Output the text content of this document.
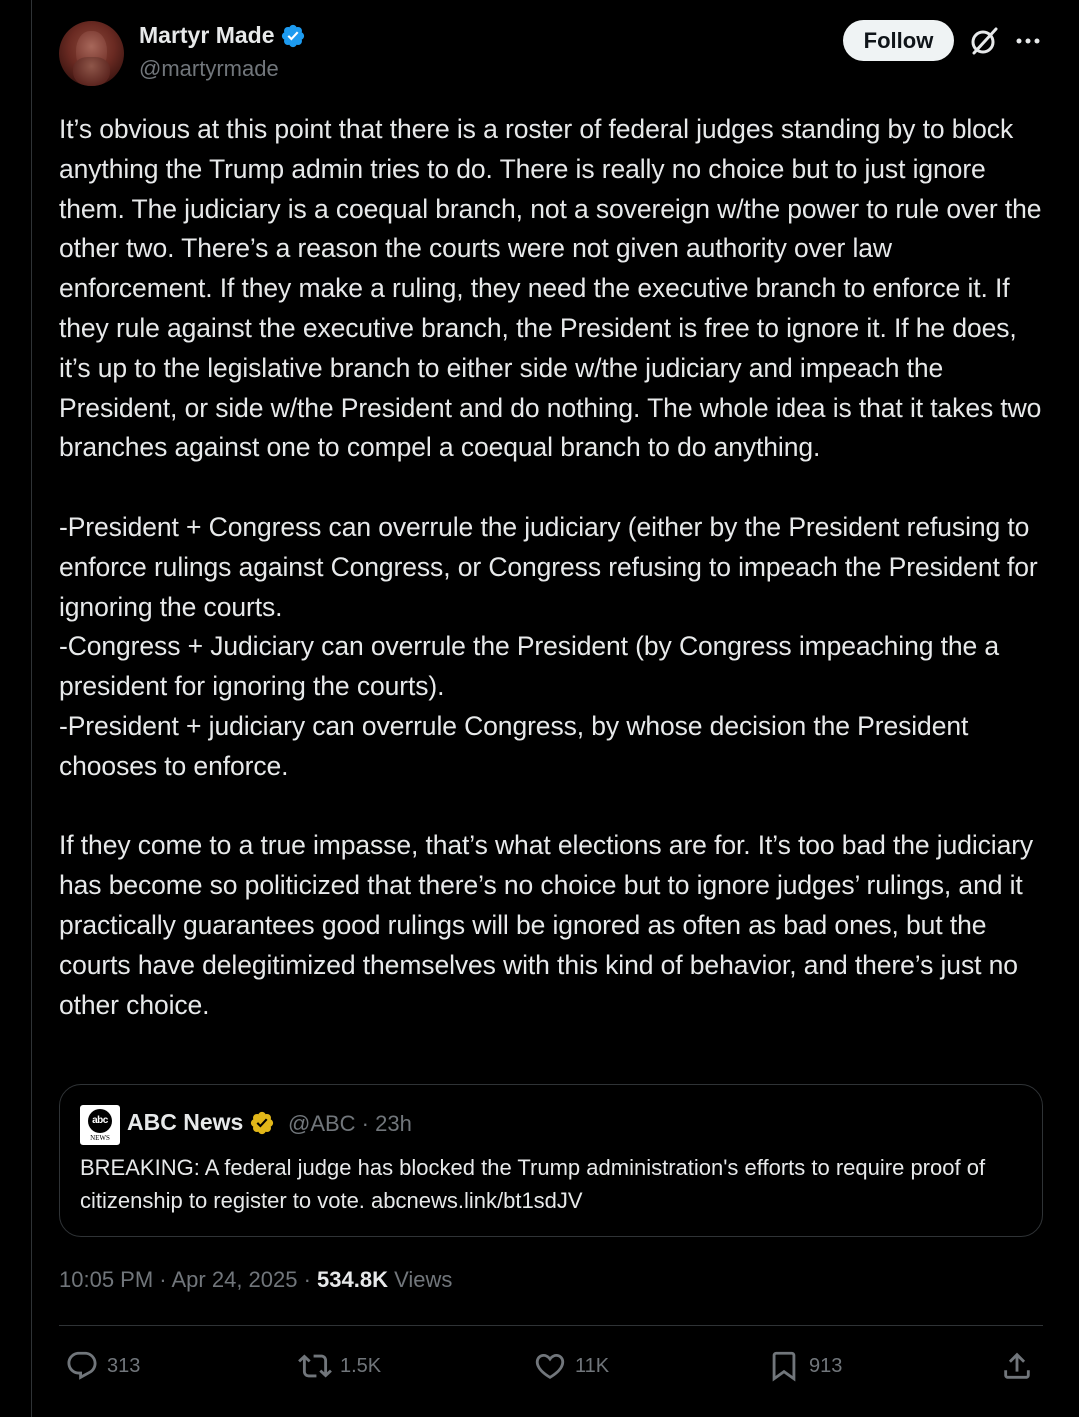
Martyr Made
@martyrmade
Follow
It’s obvious at this point that there is a roster of federal judges standing by to block anything the Trump admin tries to do. There is really no choice but to just ignore them. The judiciary is a coequal branch, not a sovereign w/the power to rule over the other two. There’s a reason the courts were not given authority over law enforcement. If they make a ruling, they need the executive branch to enforce it. If they rule against the executive branch, the President is free to ignore it. If he does, it’s up to the legislative branch to either side w/the judiciary and impeach the President, or side w/the President and do nothing. The whole idea is that it takes two branches against one to compel a coequal branch to do anything.

-President + Congress can overrule the judiciary (either by the President refusing to enforce rulings against Congress, or Congress refusing to impeach the President for ignoring the courts.
-Congress + Judiciary can overrule the President (by Congress impeaching the a president for ignoring the courts).
-President + judiciary can overrule Congress, by whose decision the President chooses to enforce.

If they come to a true impasse, that’s what elections are for. It’s too bad the judiciary has become so politicized that there’s no choice but to ignore judges’ rulings, and it practically guarantees good rulings will be ignored as often as bad ones, but the courts have delegitimized themselves with this kind of behavior, and there’s just no other choice.
abc
NEWS
ABC News @ABC · 23h
BREAKING: A federal judge has blocked the Trump administration's efforts to require proof of citizenship to register to vote. abcnews.link/bt1sdJV
10:05 PM · Apr 24, 2025 · 534.8K Views
313	1.5K	11K	913
